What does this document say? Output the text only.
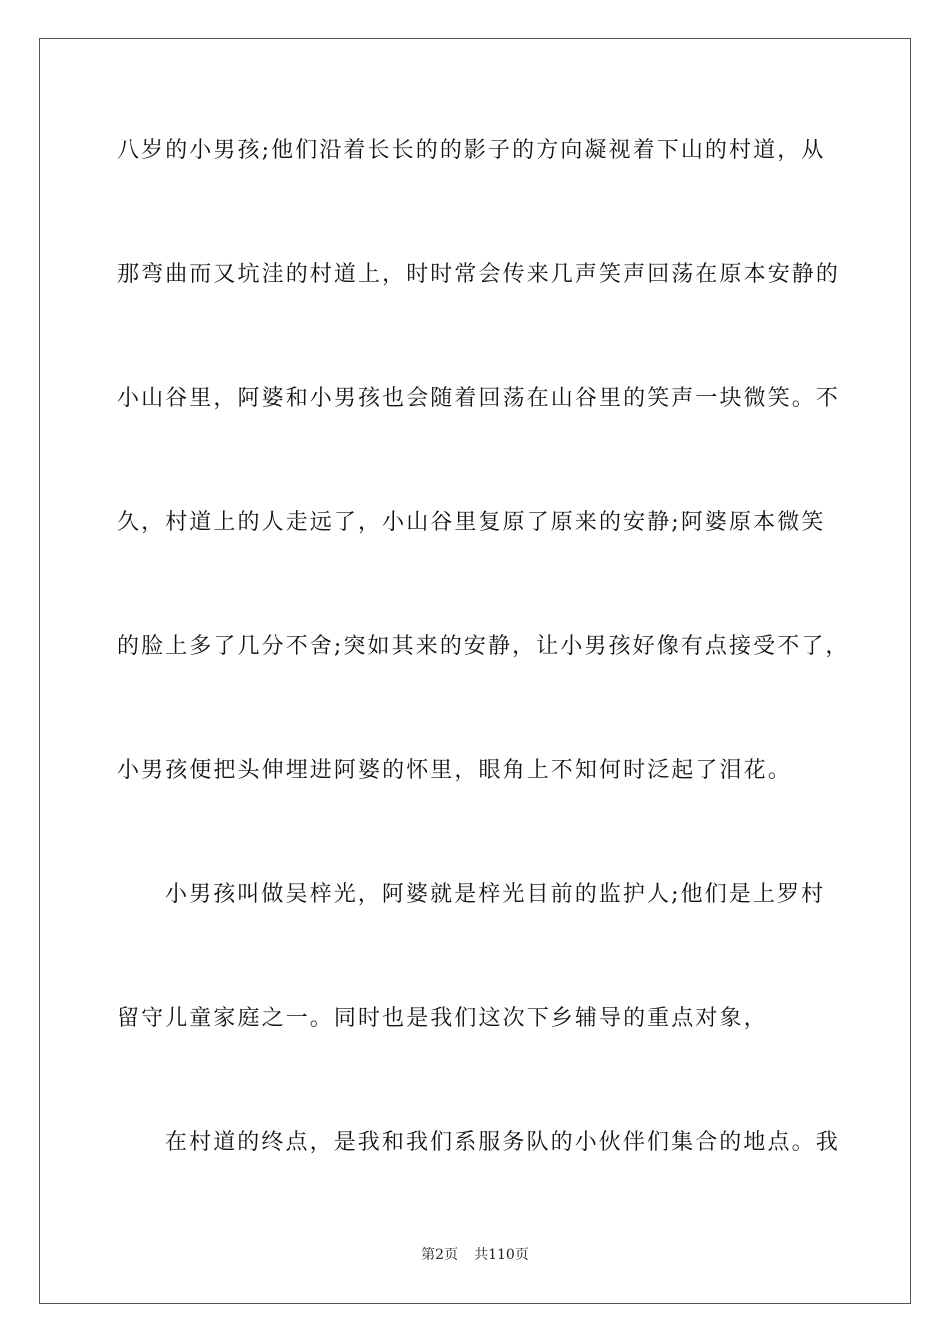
八岁的小男孩;他们沿着长长的的影子的方向凝视着下山的村道，从
那弯曲而又坑洼的村道上，时时常会传来几声笑声回荡在原本安静的
小山谷里，阿婆和小男孩也会随着回荡在山谷里的笑声一块微笑。不
久，村道上的人走远了，小山谷里复原了原来的安静;阿婆原本微笑
的脸上多了几分不舍;突如其来的安静，让小男孩好像有点接受不了，
小男孩便把头伸埋进阿婆的怀里，眼角上不知何时泛起了泪花。
小男孩叫做吴梓光，阿婆就是梓光目前的监护人;他们是上罗村
留守儿童家庭之一。同时也是我们这次下乡辅导的重点对象，
在村道的终点，是我和我们系服务队的小伙伴们集合的地点。我
第2页 共110页
